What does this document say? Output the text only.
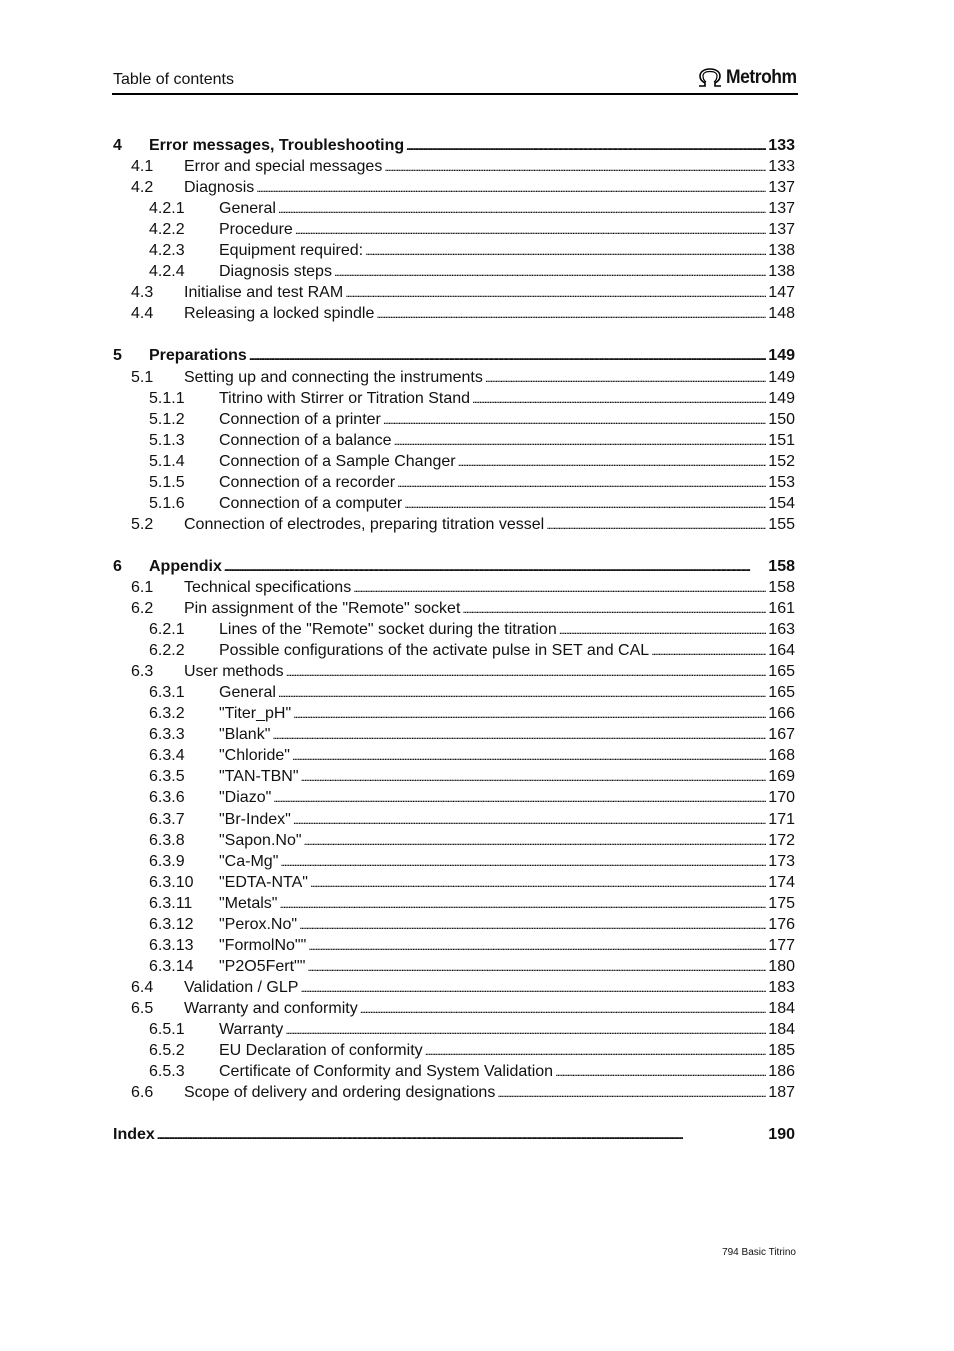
Table of contents	Metrohm
4 Error messages, Troubleshooting	133
. . .
4.1 Error and special messages	133
. . .
4.2 Diagnosis	137
. . .
4.2.1 General	137
. . .
4.2.2 Procedure	137
. . .
4.2.3 Equipment required:	138
. . .
4.2.4 Diagnosis steps	138
. . .
4.3 Initialise and test RAM	147
. . .
4.4 Releasing a locked spindle	148
. . .
5 Preparations	149
. . .
5.1 Setting up and connecting the instruments	149
. . .
5.1.1 Titrino with Stirrer or Titration Stand	149
. . .
5.1.2 Connection of a printer	150
. . .
5.1.3 Connection of a balance	151
. . .
5.1.4 Connection of a Sample Changer	152
. . .
5.1.5 Connection of a recorder	153
. . .
5.1.6 Connection of a computer	154
. . .
5.2 Connection of electrodes, preparing titration vessel	155
. . .
6 Appendix	158
. . .
6.1 Technical specifications	158
. . .
6.2 Pin assignment of the "Remote" socket	161
. . .
6.2.1 Lines of the "Remote" socket during the titration	163
. . .
6.2.2 Possible configurations of the activate pulse in SET and CAL	164
. . .
6.3 User methods	165
. . .
6.3.1 General	165
. . .
6.3.2 "Titer_pH"	166
. . .
6.3.3 "Blank"	167
. . .
6.3.4 "Chloride"	168
. . .
6.3.5 "TAN-TBN"	169
. . .
6.3.6 "Diazo"	170
. . .
6.3.7 "Br-Index"	171
. . .
6.3.8 "Sapon.No"	172
. . .
6.3.9 "Ca-Mg"	173
. . .
6.3.10 "EDTA-NTA"	174
. . .
6.3.11 "Metals"	175
. . .
6.3.12 "Perox.No"	176
. . .
6.3.13 "FormolNo""	177
. . .
6.3.14 "P2O5Fert""	180
. . .
6.4 Validation / GLP	183
. . .
6.5 Warranty and conformity	184
. . .
6.5.1 Warranty	184
. . .
6.5.2 EU Declaration of conformity	185
. . .
6.5.3 Certificate of Conformity and System Validation	186
. . .
6.6 Scope of delivery and ordering designations	187
. . .
Index	190
. . .
794 Basic Titrino
